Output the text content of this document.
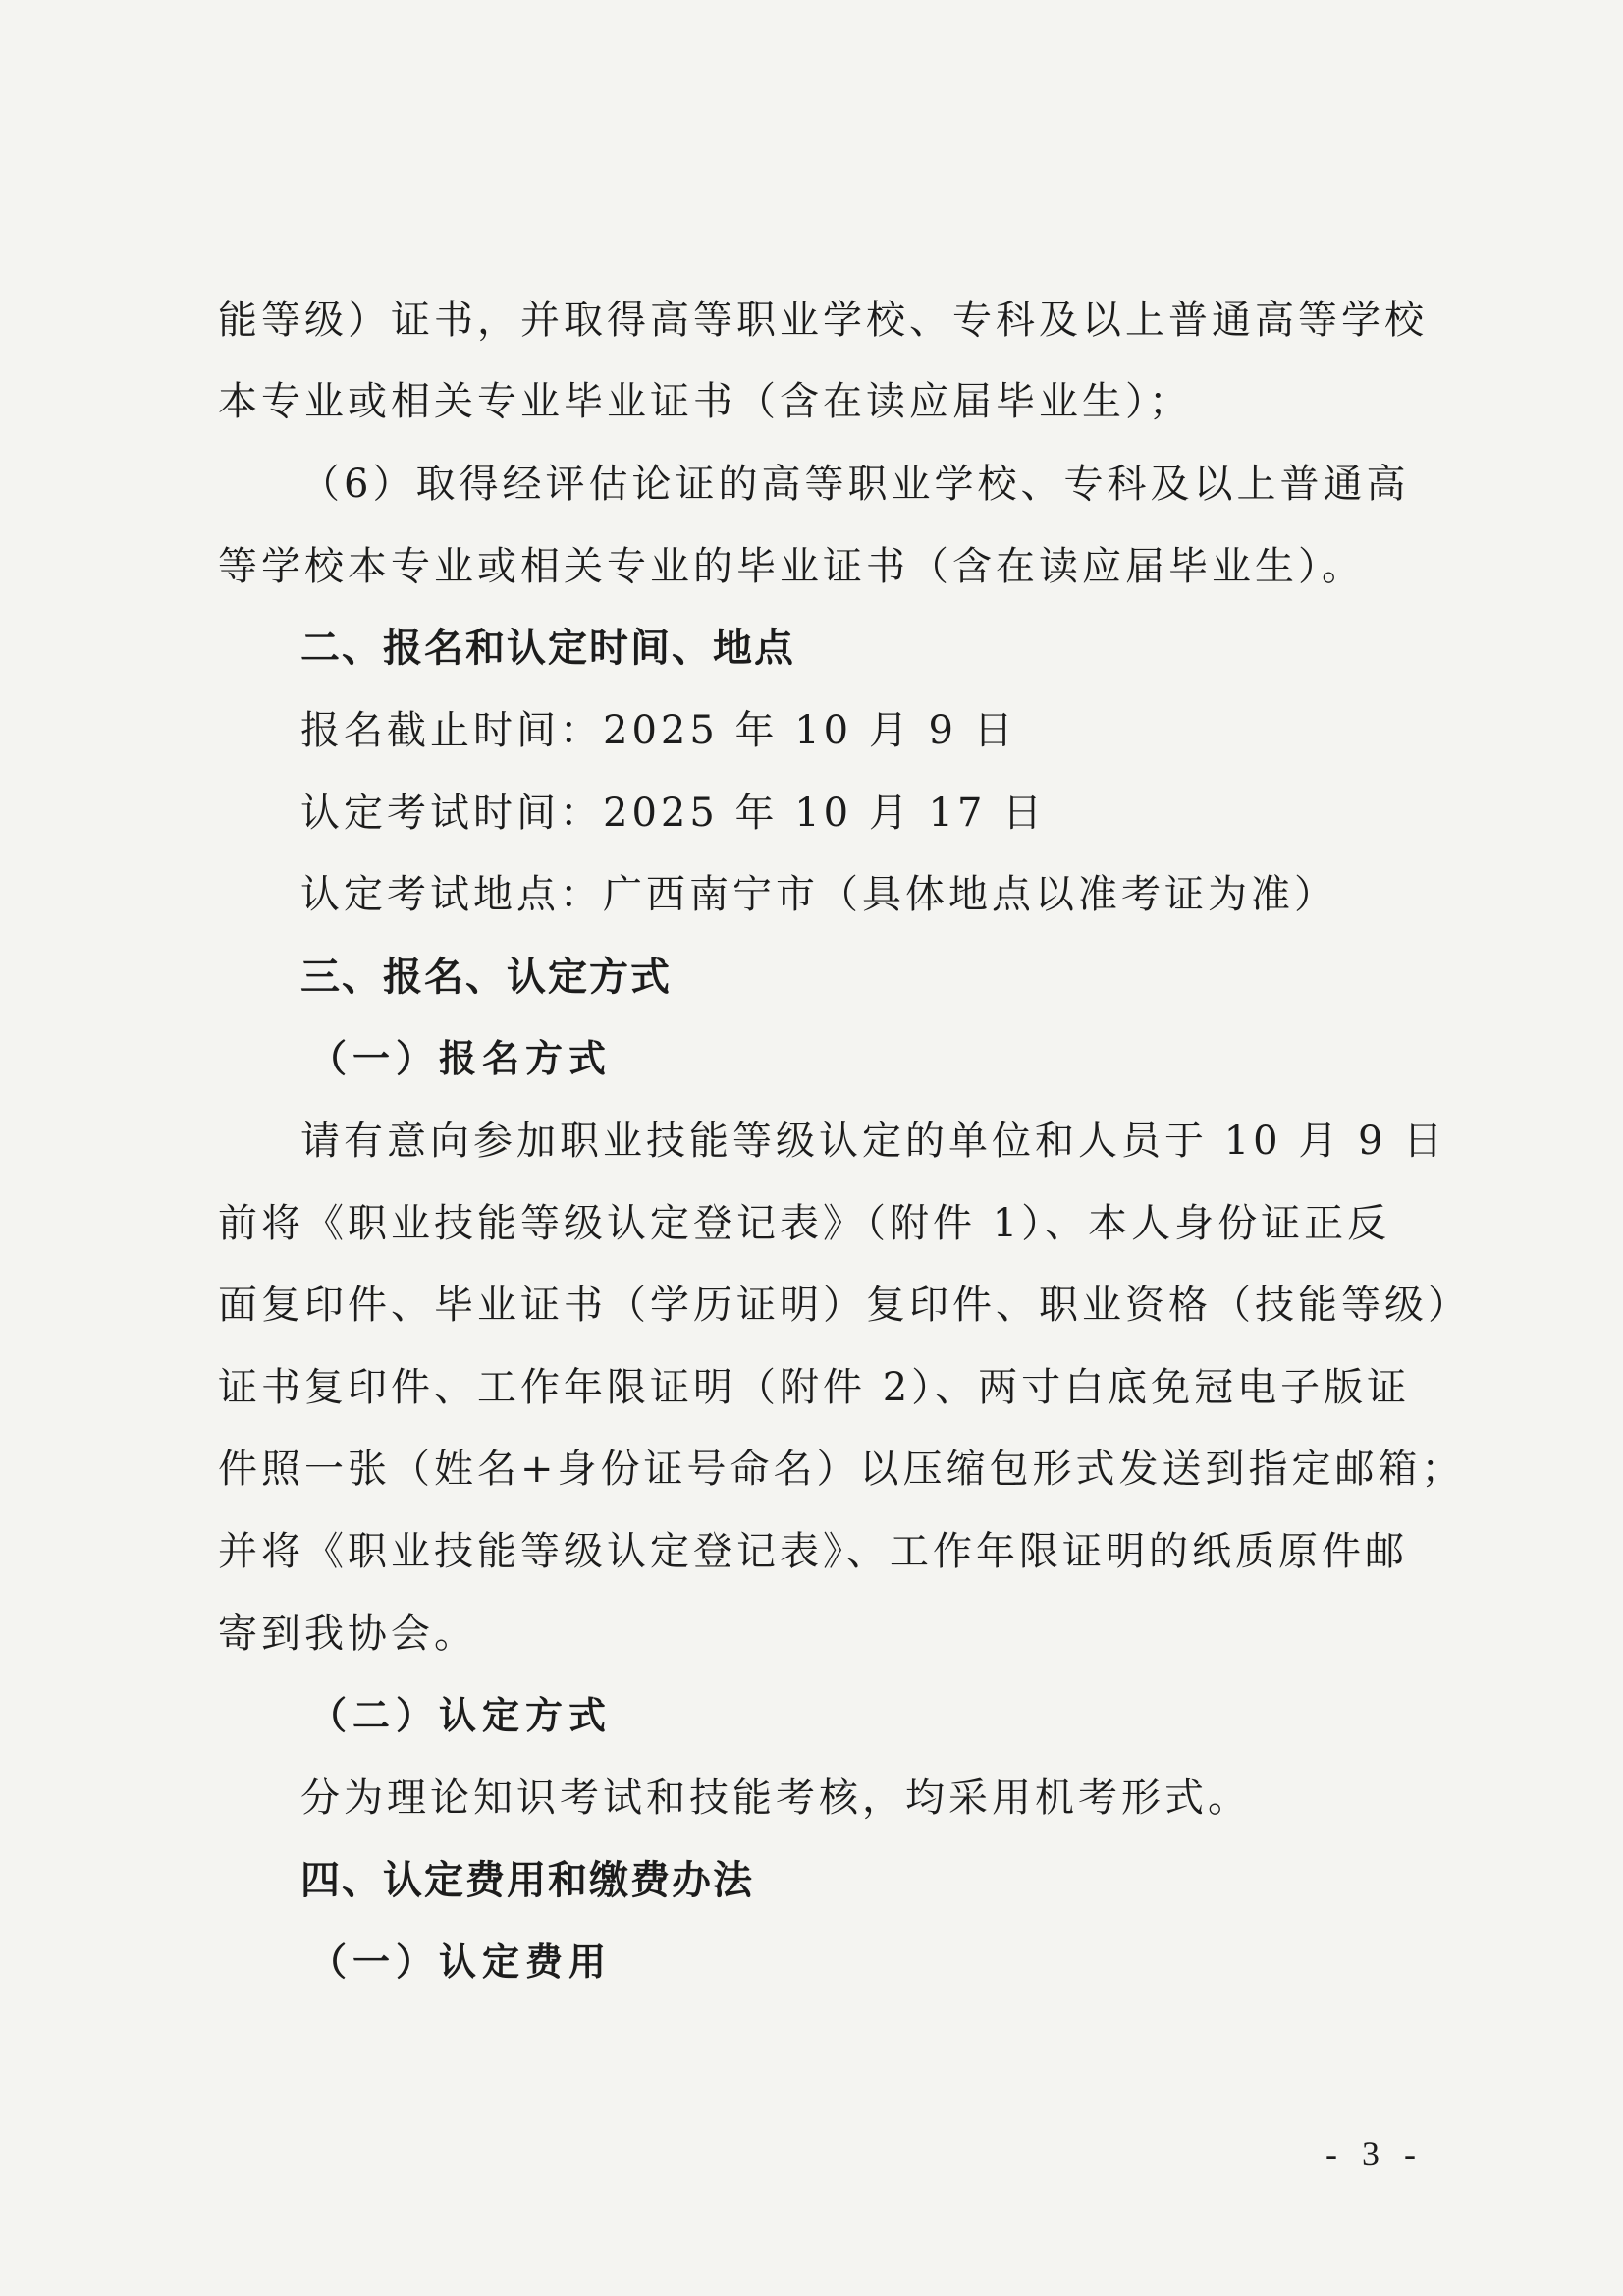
能等级）证书，并取得高等职业学校、专科及以上普通高等学校
本专业或相关专业毕业证书（含在读应届毕业生）；
（6）取得经评估论证的高等职业学校、专科及以上普通高
等学校本专业或相关专业的毕业证书（含在读应届毕业生）。
二、报名和认定时间、地点
报名截止时间：2025 年 10 月 9 日
认定考试时间：2025 年 10 月 17 日
认定考试地点：广西南宁市（具体地点以准考证为准）
三、报名、认定方式
（一）报名方式
请有意向参加职业技能等级认定的单位和人员于 10 月 9 日
前将《职业技能等级认定登记表》（附件 1）、本人身份证正反
面复印件、毕业证书（学历证明）复印件、职业资格（技能等级）
证书复印件、工作年限证明（附件 2）、两寸白底免冠电子版证
件照一张（姓名+身份证号命名）以压缩包形式发送到指定邮箱；
并将《职业技能等级认定登记表》、工作年限证明的纸质原件邮
寄到我协会。
（二）认定方式
分为理论知识考试和技能考核，均采用机考形式。
四、认定费用和缴费办法
（一）认定费用
- 3 -
